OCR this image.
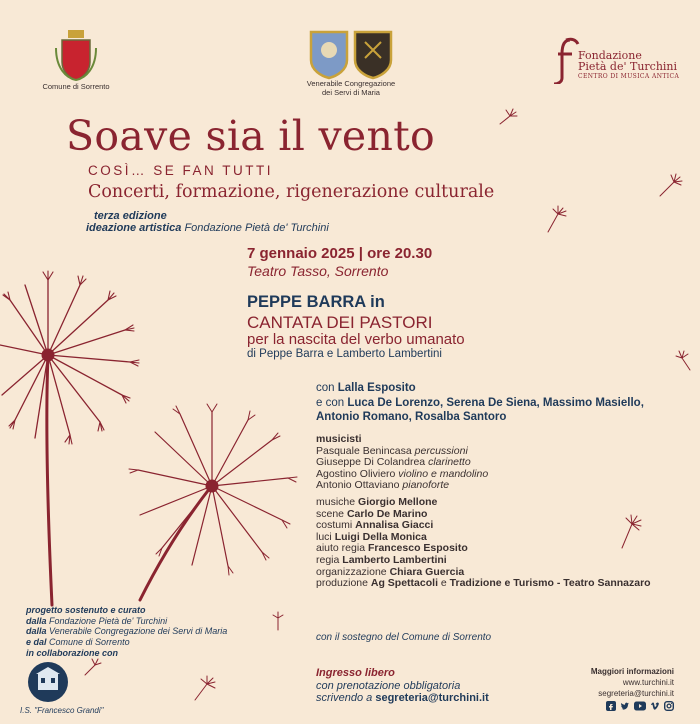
Comune di Sorrento	Venerabile Congregazione
dei Servi di Maria
Fondazione
Pietà de' Turchini
CENTRO DI MUSICA ANTICA
Soave sia il vento
COSÌ… SE FAN TUTTI
Concerti, formazione, rigenerazione culturale
terza edizione
ideazione artistica Fondazione Pietà de' Turchini
7 gennaio 2025 | ore 20.30
Teatro Tasso, Sorrento
PEPPE BARRA in
CANTATA DEI PASTORI
per la nascita del verbo umanato
di Peppe Barra e Lamberto Lambertini
con Lalla Esposito
e con Luca De Lorenzo, Serena De Siena, Massimo Masiello,
Antonio Romano, Rosalba Santoro
musicisti
Pasquale Benincasa percussioni
Giuseppe Di Colandrea clarinetto
Agostino Oliviero violino e mandolino
Antonio Ottaviano pianoforte
musiche Giorgio Mellone
scene Carlo De Marino
costumi Annalisa Giacci
luci Luigi Della Monica
aiuto regia Francesco Esposito
regia Lamberto Lambertini
organizzazione Chiara Guercia
produzione Ag Spettacoli e Tradizione e Turismo - Teatro Sannazaro
progetto sostenuto e curato
dalla Fondazione Pietà de' Turchini
dalla Venerabile Congregazione dei Servi di Maria
e dal Comune di Sorrento
in collaborazione con
I.S. "Francesco Grandi"
con il sostegno del Comune di Sorrento
Ingresso libero
con prenotazione obbligatoria
scrivendo a segreteria@turchini.it
Maggiori informazioni
www.turchini.it
segreteria@turchini.it
